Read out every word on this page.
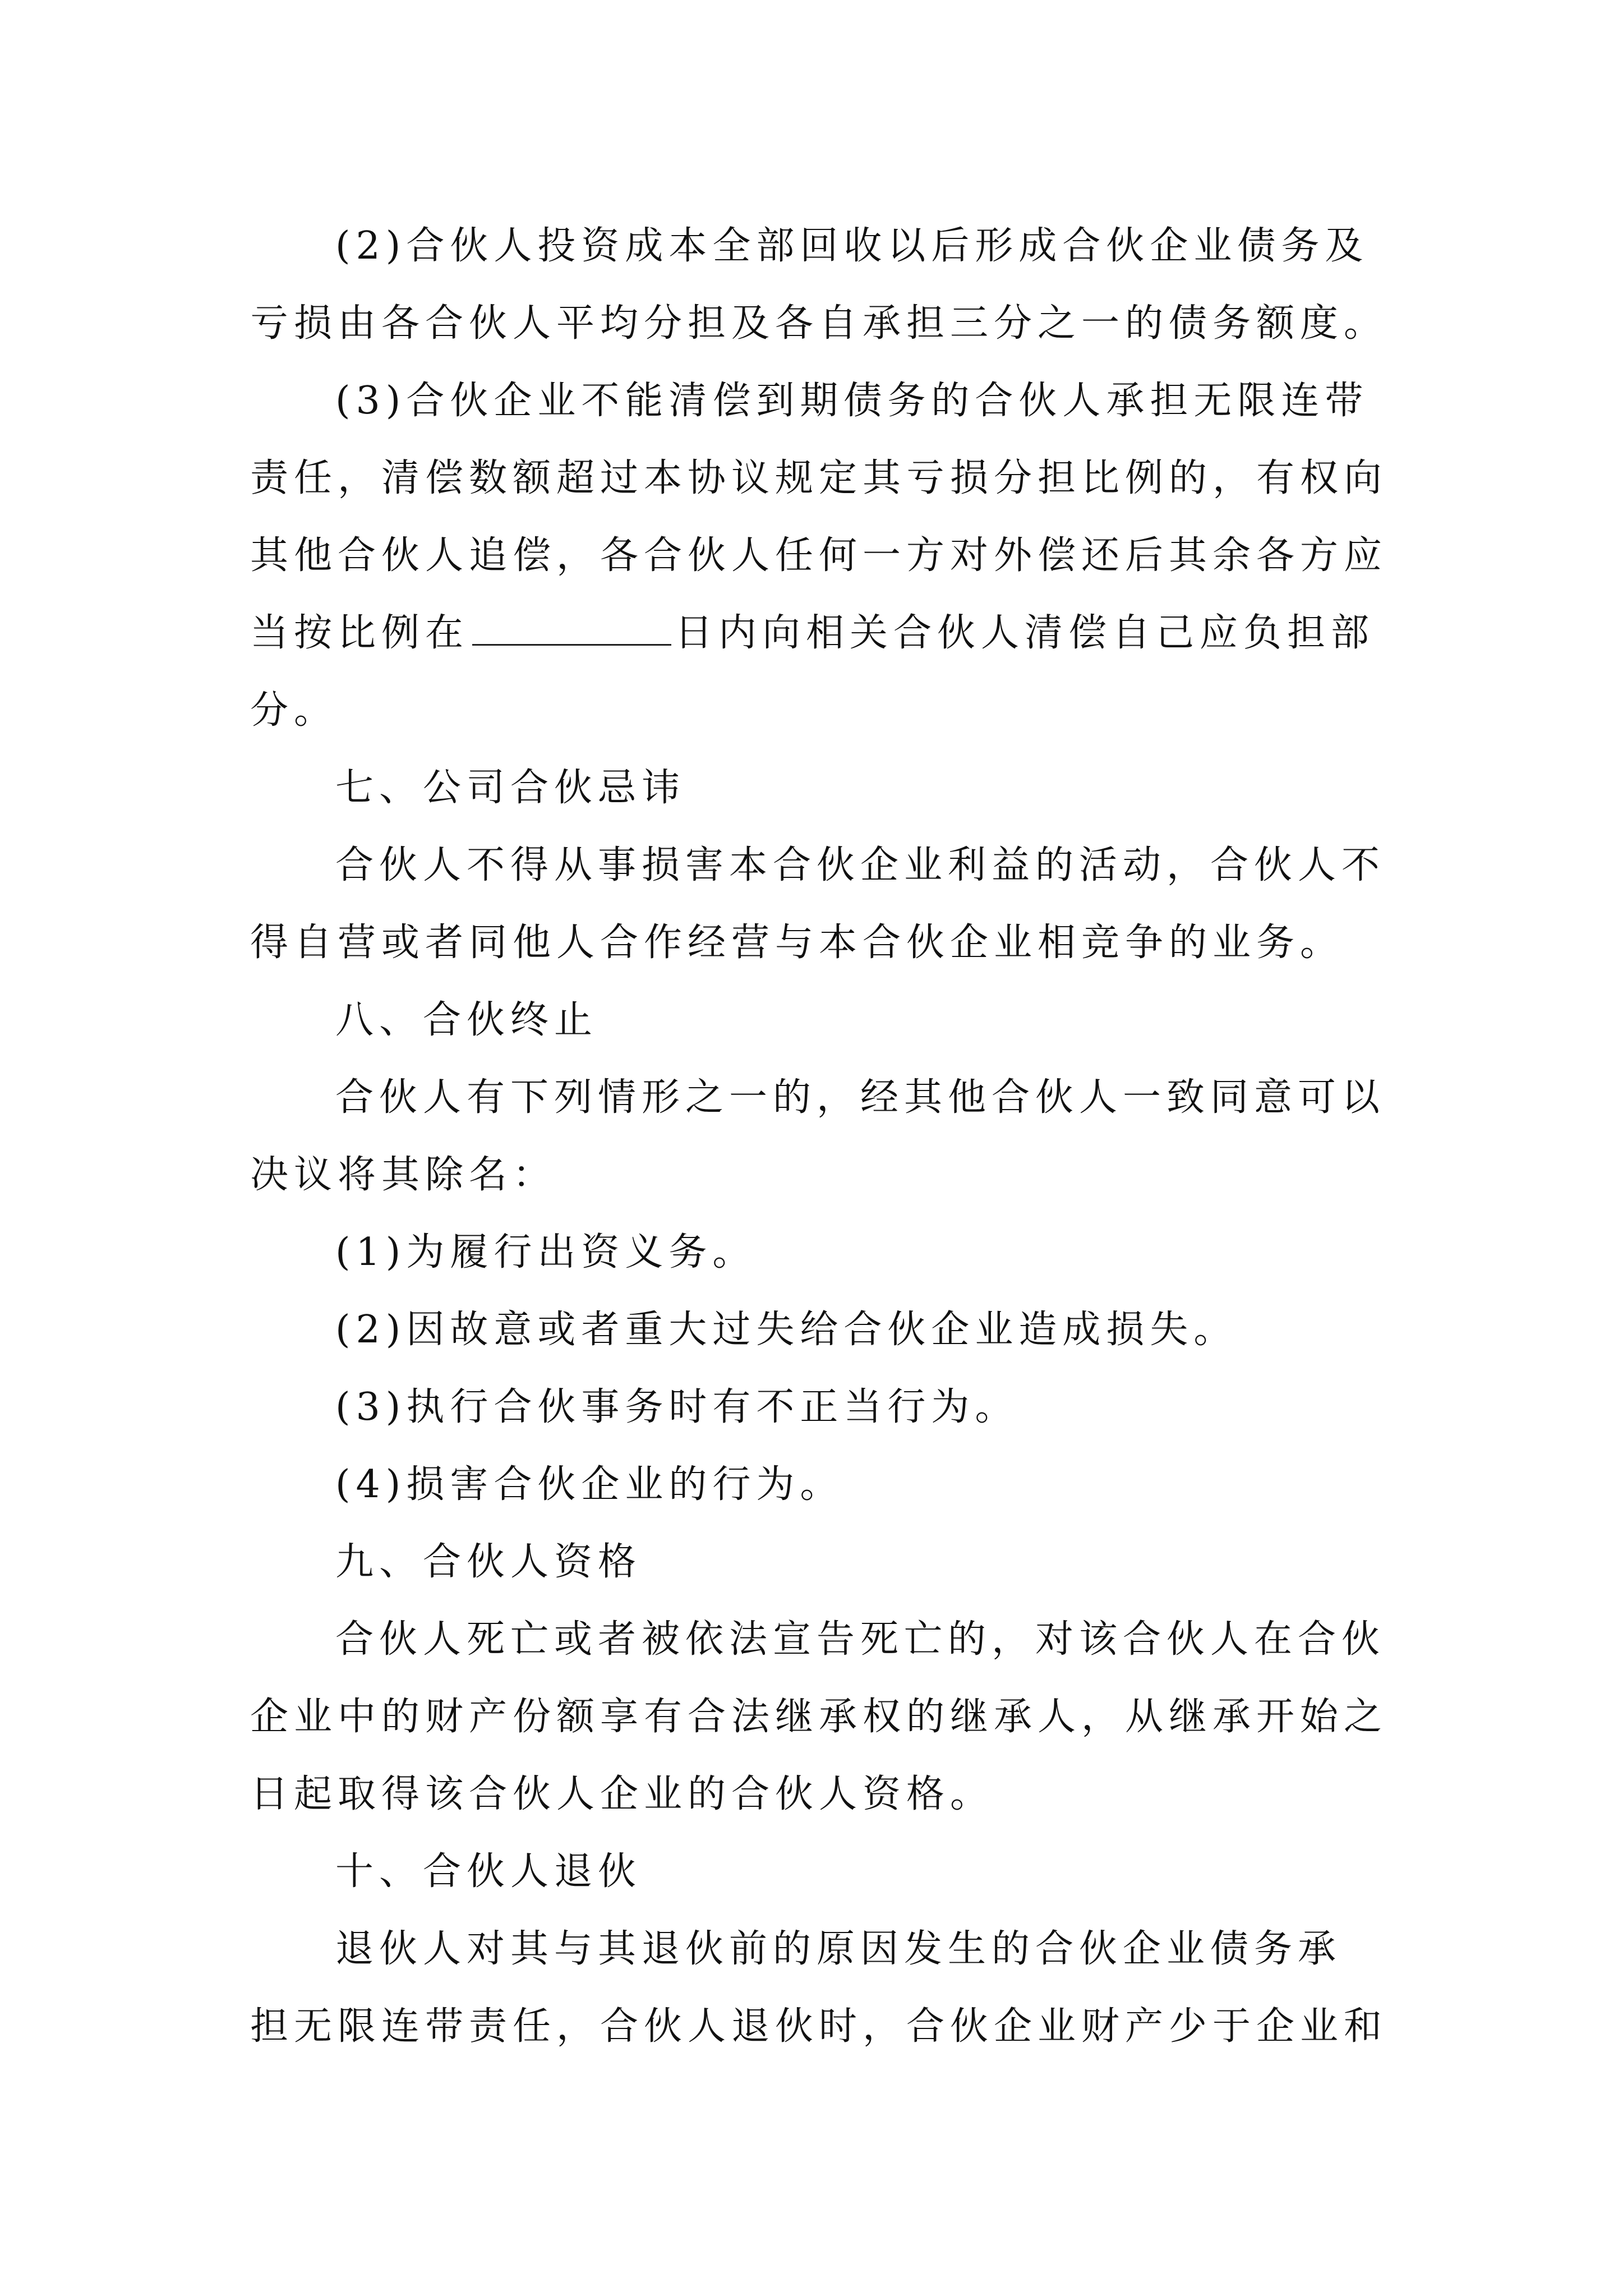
(2)合伙人投资成本全部回收以后形成合伙企业债务及
亏损由各合伙人平均分担及各自承担三分之一的债务额度。
(3)合伙企业不能清偿到期债务的合伙人承担无限连带
责任，清偿数额超过本协议规定其亏损分担比例的，有权向
其他合伙人追偿，各合伙人任何一方对外偿还后其余各方应
当按比例在	日内向相关合伙人清偿自己应负担部
分。
七、公司合伙忌讳
合伙人不得从事损害本合伙企业利益的活动，合伙人不
得自营或者同他人合作经营与本合伙企业相竞争的业务。
八、合伙终止
合伙人有下列情形之一的，经其他合伙人一致同意可以
决议将其除名：
(1)为履行出资义务。
(2)因故意或者重大过失给合伙企业造成损失。
(3)执行合伙事务时有不正当行为。
(4)损害合伙企业的行为。
九、合伙人资格
合伙人死亡或者被依法宣告死亡的，对该合伙人在合伙
企业中的财产份额享有合法继承权的继承人，从继承开始之
日起取得该合伙人企业的合伙人资格。
十、合伙人退伙
退伙人对其与其退伙前的原因发生的合伙企业债务承
担无限连带责任，合伙人退伙时，合伙企业财产少于企业和
